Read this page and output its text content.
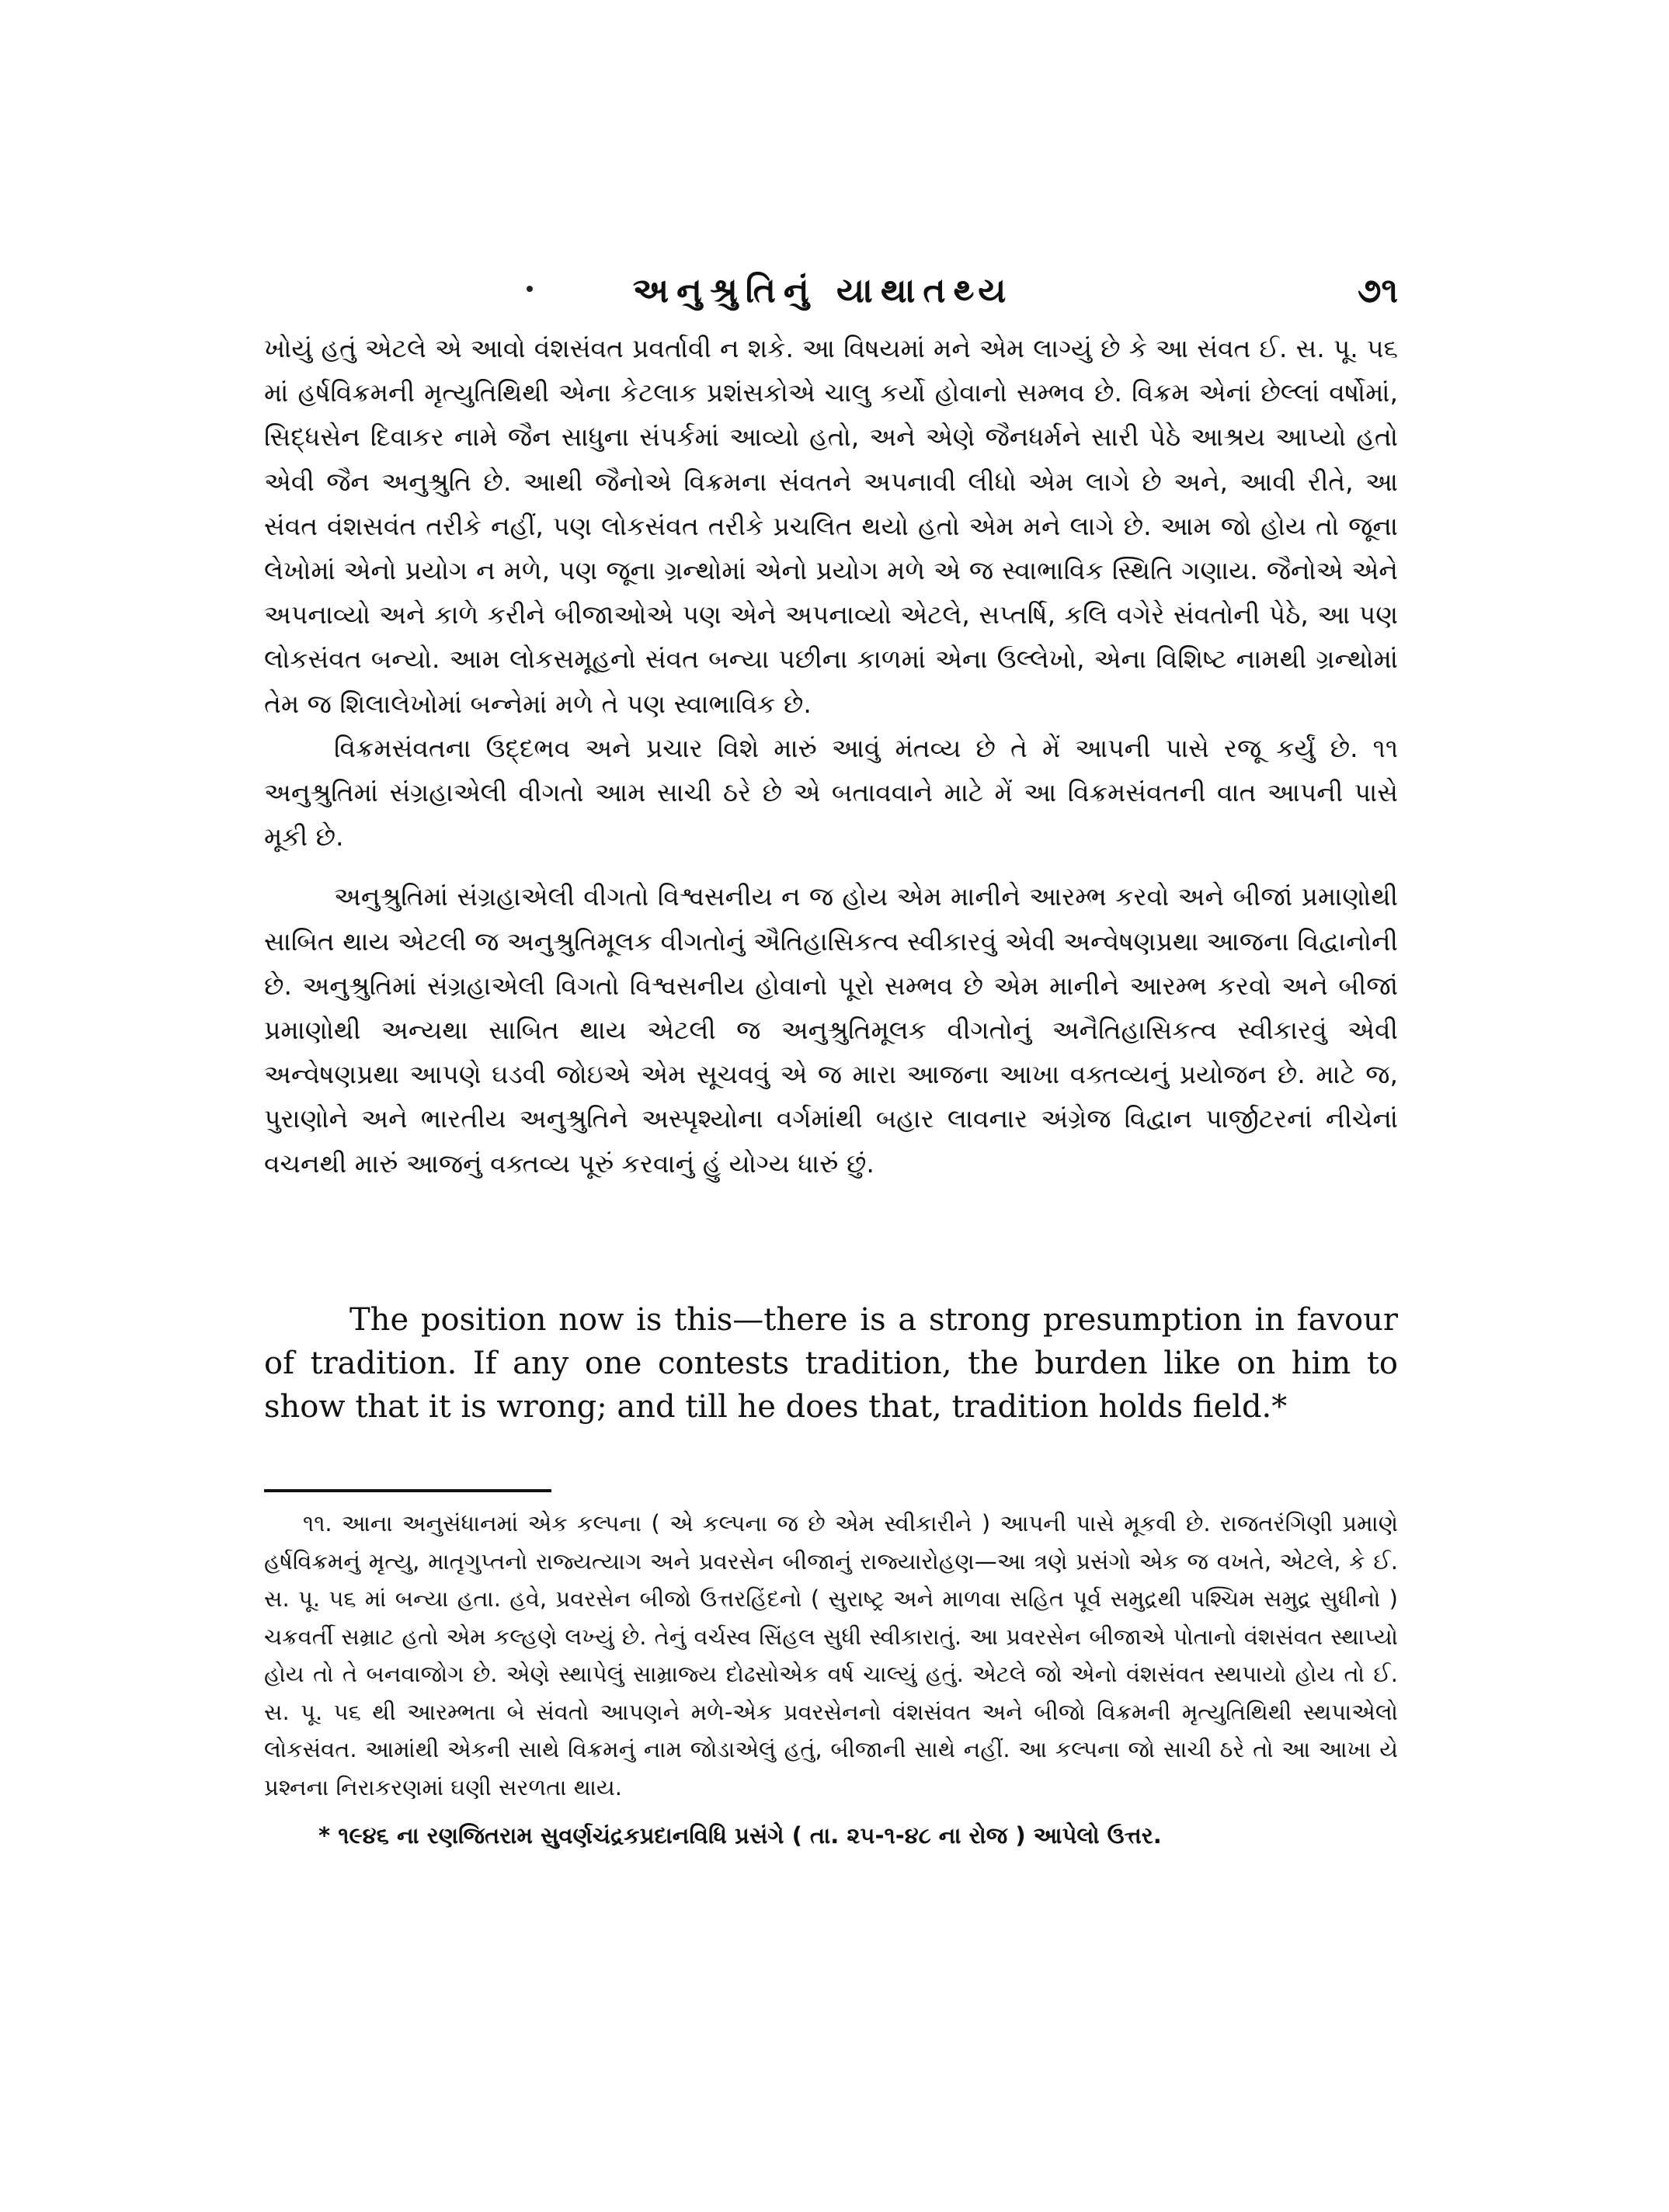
અનુશ્રુતિનું યાથાતથ્ય	૭૧

ખોયું હતું એટલે એ આવો વંશસંવત પ્રવર્તાવી ન શકે. આ વિષયમાં મને એમ લાગ્યું છે કે આ સંવત ઈ. સ. પૂ. ૫૬ માં હર્ષવિક્રમની મૃત્યુતિથિથી એના કેટલાક પ્રશંસકોએ ચાલુ કર્યો હોવાનો સમ્ભવ છે. વિક્રમ એનાં છેલ્લાં વર્ષોમાં, સિદ્ધસેન દિવાકર નામે જૈન સાધુના સંપર્કમાં આવ્યો હતો, અને એણે જૈનધર્મને સારી પેઠે આશ્રય આપ્યો હતો એવી જૈન અનુશ્રુતિ છે. આથી જૈનોએ વિક્રમના સંવતને અપનાવી લીધો એમ લાગે છે અને, આવી રીતે, આ સંવત વંશસવંત તરીકે નહીં, પણ લોકસંવત તરીકે પ્રચલિત થયો હતો એમ મને લાગે છે. આમ જો હોય તો જૂના લેખોમાં એનો પ્રયોગ ન મળે, પણ જૂના ગ્રન્થોમાં એનો પ્રયોગ મળે એ જ સ્વાભાવિક સ્થિતિ ગણાય. જૈનોએ એને અપનાવ્યો અને કાળે કરીને બીજાઓએ પણ એને અપનાવ્યો એટલે, સપ્તર્ષિ, કલિ વગેરે સંવતોની પેઠે, આ પણ લોકસંવત બન્યો. આમ લોકસમૂહનો સંવત બન્યા પછીના કાળમાં એના ઉલ્લેખો, એના વિશિષ્ટ નામથી ગ્રન્થોમાં તેમ જ શિલાલેખોમાં બન્નેમાં મળે તે પણ સ્વાભાવિક છે.

વિક્રમસંવતના ઉદ્દભવ અને પ્રચાર વિશે મારું આવું મંતવ્ય છે તે મેં આપની પાસે રજૂ કર્યું છે. ૧૧ અનુશ્રુતિમાં સંગ્રહાએલી વીગતો આમ સાચી ઠરે છે એ બતાવવાને માટે મેં આ વિક્રમસંવતની વાત આપની પાસે મૂકી છે.

અનુશ્રુતિમાં સંગ્રહાએલી વીગતો વિશ્વસનીય ન જ હોય એમ માનીને આરમ્ભ કરવો અને બીજાં પ્રમાણોથી સાબિત થાય એટલી જ અનુશ્રુતિમૂલક વીગતોનું ઐતિહાસિકત્વ સ્વીકારવું એવી અન્વેષણપ્રથા આજના વિદ્વાનોની છે. અનુશ્રુતિમાં સંગ્રહાએલી વિગતો વિશ્વસનીય હોવાનો પૂરો સમ્ભવ છે એમ માનીને આરમ્ભ કરવો અને બીજાં પ્રમાણોથી અન્યથા સાબિત થાય એટલી જ અનુશ્રુતિમૂલક વીગતોનું અનૈતિહાસિકત્વ સ્વીકારવું એવી અન્વેષણપ્રથા આપણે ઘડવી જોઇએ એમ સૂચવવું એ જ મારા આજના આખા વક્તવ્યનું પ્રયોજન છે. માટે જ, પુરાણોને અને ભારતીય અનુશ્રુતિને અસ્પૃશ્યોના વર્ગમાંથી બહાર લાવનાર અંગ્રેજ વિદ્વાન પાર્જીટરનાં નીચેનાં વચનથી મારું આજનું વક્તવ્ય પૂરું કરવાનું હું યોગ્ય ધારું છું.

The position now is this—there is a strong presumption in favour of tradition. If any one contests tradition, the burden like on him to show that it is wrong; and till he does that, tradition holds field.*

૧૧. આના અનુસંધાનમાં એક કલ્પના ( એ કલ્પના જ છે એમ સ્વીકારીને ) આપની પાસે મૂકવી છે. રાજતરંગિણી પ્રમાણે હર્ષવિક્રમનું મૃત્યુ, માતૃગુપ્તનો રાજ્યત્યાગ અને પ્રવરસેન બીજાનું રાજ્યારોહણ—આ ત્રણે પ્રસંગો એક જ વખતે, એટલે, કે ઈ. સ. પૂ. ૫૬ માં બન્યા હતા. હવે, પ્રવરસેન બીજો ઉત્તરહિંદનો ( સુરાષ્ટ્ર અને માળવા સહિત પૂર્વ સમુદ્રથી પશ્ચિમ સમુદ્ર સુધીનો ) ચક્રવર્તી સમ્રાટ હતો એમ કલ્હણે લખ્યું છે. તેનું વર્ચસ્વ સિંહલ સુધી સ્વીકારાતું. આ પ્રવરસેન બીજાએ પોતાનો વંશસંવત સ્થાપ્યો હોય તો તે બનવાજોગ છે. એણે સ્થાપેલું સામ્રાજ્ય દોઢસોએક વર્ષ ચાલ્યું હતું. એટલે જો એનો વંશસંવત સ્થપાયો હોય તો ઈ. સ. પૂ. ૫૬ થી આરમ્ભતા બે સંવતો આપણને મળે-એક પ્રવરસેનનો વંશસંવત અને બીજો વિક્રમની મૃત્યુતિથિથી સ્થપાએલો લોકસંવત. આમાંથી એકની સાથે વિક્રમનું નામ જોડાએલું હતું, બીજાની સાથે નહીં. આ કલ્પના જો સાચી ઠરે તો આ આખા યે પ્રશ્નના નિરાકરણમાં ઘણી સરળતા થાય.

* ૧૯૪૬ ના રણજિતરામ સુવર્ણચંદ્રકપ્રદાનવિધિ પ્રસંગે ( તા. ૨૫-૧-૪૮ ના રોજ ) આપેલો ઉત્તર.
